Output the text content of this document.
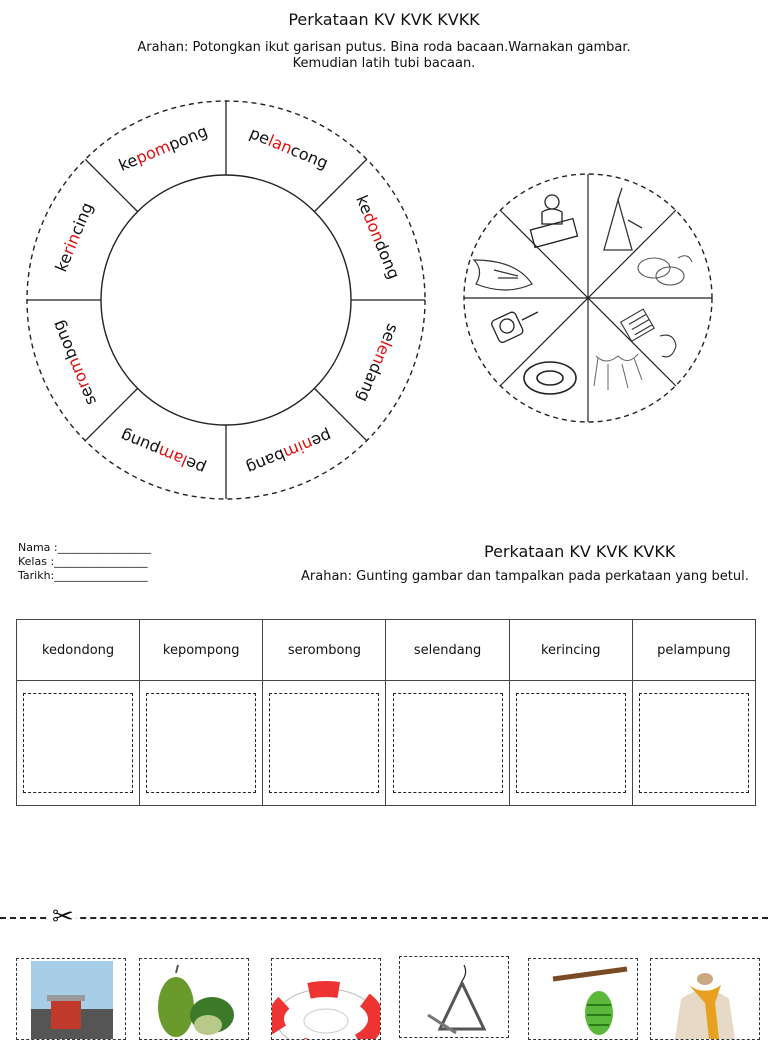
Perkataan KV KVK KVKK
Arahan: Potongkan ikut garisan putus. Bina roda bacaan.Warnakan gambar.
Kemudian latih tubi bacaan.
pelancong
kedondong
selendang
penimbang
pelampung
serombong
kerincing
kepompong
Nama :_________________
Kelas :_________________
Tarikh:_________________
Perkataan KV KVK KVKK
Arahan: Gunting gambar dan tampalkan pada perkataan yang betul.
kedondong	kepompong	serombong	selendang	kerincing	pelampung

✂
